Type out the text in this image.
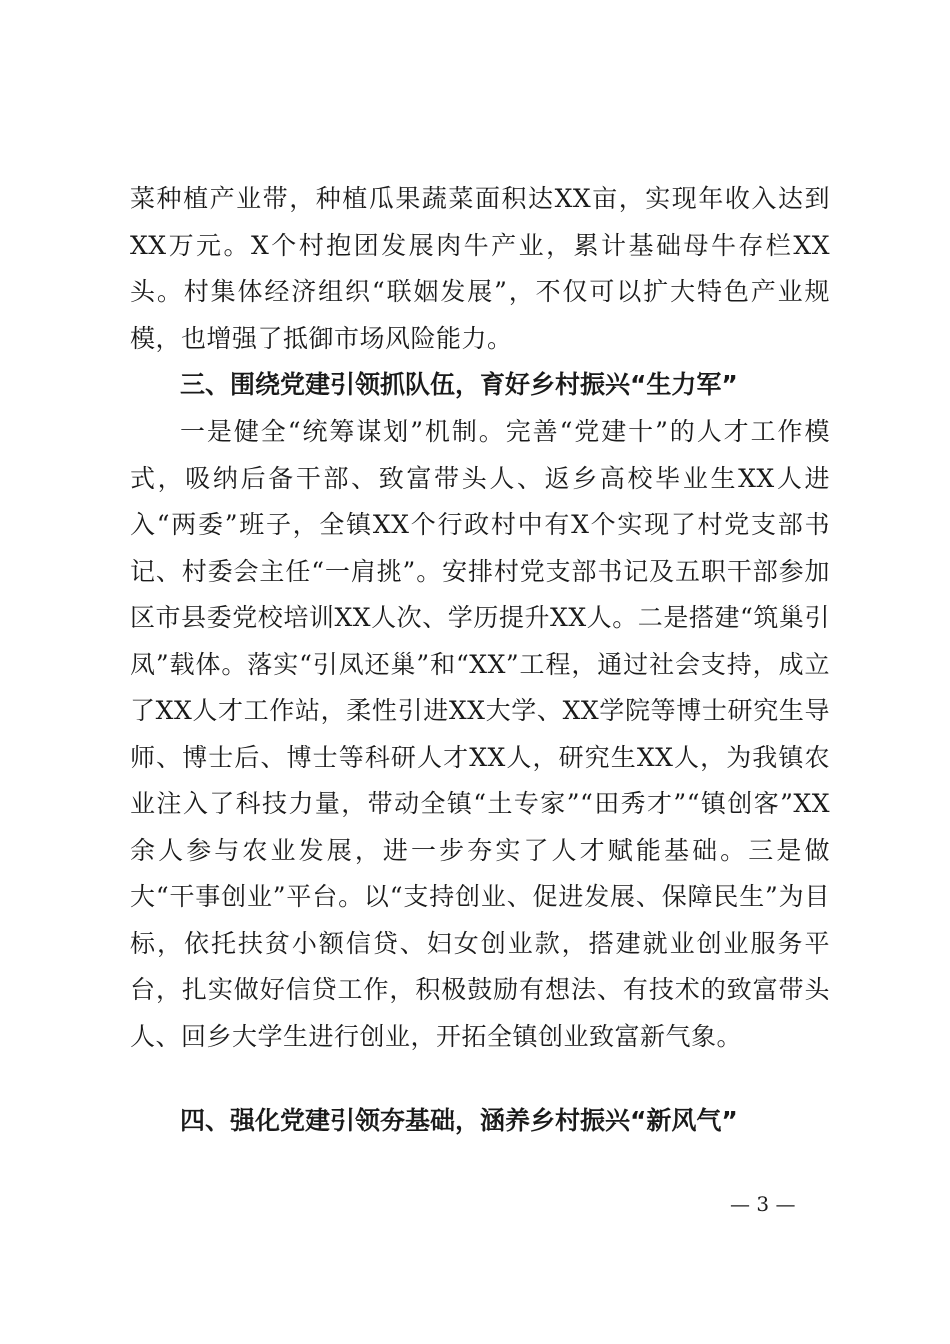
菜种植产业带，种植瓜果蔬菜面积达XX亩，实现年收入达到XX万元。X个村抱团发展肉牛产业，累计基础母牛存栏XX头。村集体经济组织“联姻发展”，不仅可以扩大特色产业规模，也增强了抵御市场风险能力。

三、围绕党建引领抓队伍，育好乡村振兴“生力军”

一是健全“统筹谋划”机制。完善“党建十”的人才工作模式，吸纳后备干部、致富带头人、返乡高校毕业生XX人进入“两委”班子，全镇XX个行政村中有X个实现了村党支部书记、村委会主任“一肩挑”。安排村党支部书记及五职干部参加区市县委党校培训XX人次、学历提升XX人。二是搭建“筑巢引凤”载体。落实“引凤还巢”和“XX”工程，通过社会支持，成立了XX人才工作站，柔性引进XX大学、XX学院等博士研究生导师、博士后、博士等科研人才XX人，研究生XX人，为我镇农业注入了科技力量，带动全镇“土专家”“田秀才”“镇创客”XX余人参与农业发展，进一步夯实了人才赋能基础。三是做大“干事创业”平台。以“支持创业、促进发展、保障民生”为目标，依托扶贫小额信贷、妇女创业款，搭建就业创业服务平台，扎实做好信贷工作，积极鼓励有想法、有技术的致富带头人、回乡大学生进行创业，开拓全镇创业致富新气象。

四、强化党建引领夯基础，涵养乡村振兴“新风气”
— 3 —
